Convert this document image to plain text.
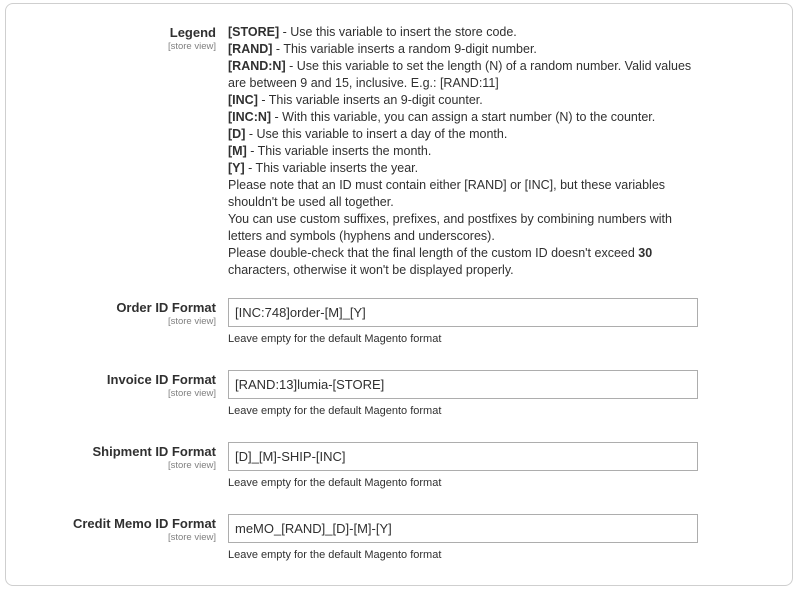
Legend
[store view]

[STORE] - Use this variable to insert the store code.

[RAND] - This variable inserts a random 9-digit number.

[RAND:N] - Use this variable to set the length (N) of a random number. Valid values are between 9 and 15, inclusive. E.g.: [RAND:11]

[INC] - This variable inserts an 9-digit counter.

[INC:N] - With this variable, you can assign a start number (N) to the counter.

[D] - Use this variable to insert a day of the month.

[M] - This variable inserts the month.

[Y] - This variable inserts the year.

Please note that an ID must contain either [RAND] or [INC], but these variables shouldn't be used all together.

You can use custom suffixes, prefixes, and postfixes by combining numbers with letters and symbols (hyphens and underscores).

Please double-check that the final length of the custom ID doesn't exceed 30 characters, otherwise it won't be displayed properly.

Order ID Format
[store view]
[INC:748]order-[M]_[Y]
Leave empty for the default Magento format
Invoice ID Format
[store view]
[RAND:13]lumia-[STORE]
Leave empty for the default Magento format
Shipment ID Format
[store view]
[D]_[M]-SHIP-[INC]
Leave empty for the default Magento format
Credit Memo ID Format
[store view]
meMO_[RAND]_[D]-[M]-[Y]
Leave empty for the default Magento format
